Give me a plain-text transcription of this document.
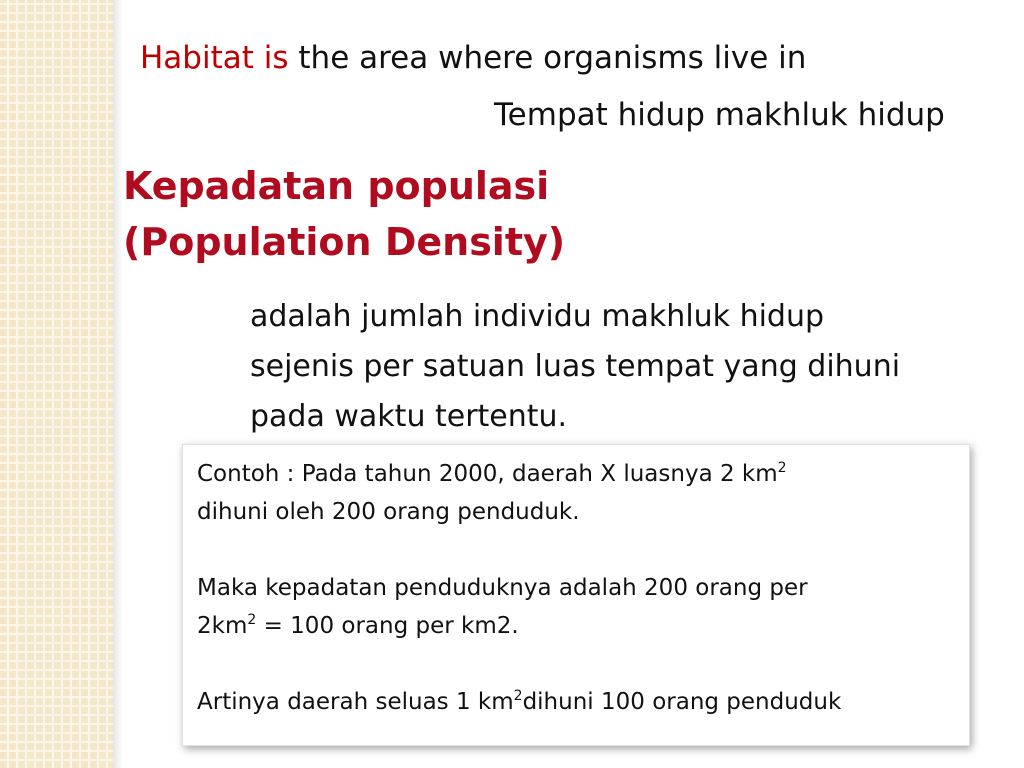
Habitat is the area where organisms live in
Tempat hidup makhluk hidup
Kepadatan populasi
(Population Density)
adalah jumlah individu makhluk hidup
sejenis per satuan luas tempat yang dihuni
pada waktu tertentu.
Contoh : Pada tahun 2000, daerah X luasnya 2 $km^2$
dihuni oleh 200 orang penduduk.
Maka kepadatan penduduknya adalah 200 orang per
$2km^2 = 100$ orang per km2.
Artinya daerah seluas 1 $km^2dihuni$ 100 orang penduduk
